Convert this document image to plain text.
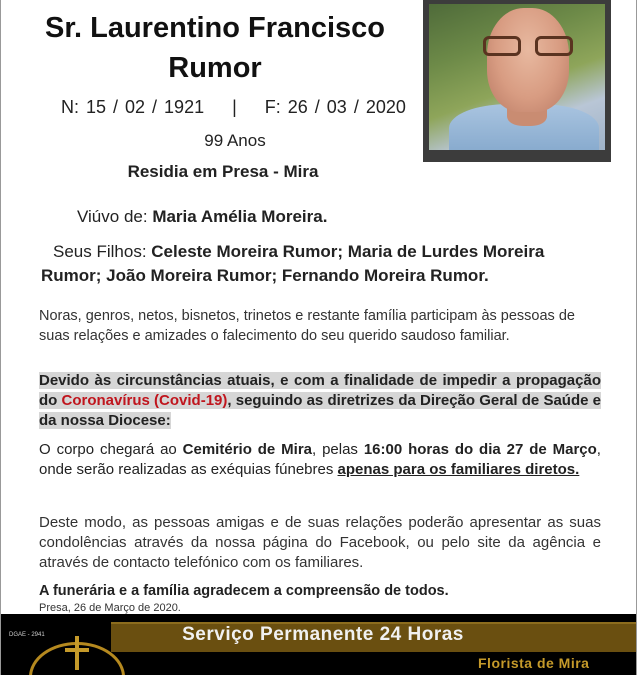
Sr. Laurentino Francisco
Rumor
N: 15 / 02 / 1921    |    F: 26 / 03 / 2020
99 Anos
Residia em Presa - Mira
Viúvo de: Maria Amélia Moreira.
Seus Filhos: Celeste Moreira Rumor; Maria de Lurdes Moreira
Rumor; João Moreira Rumor; Fernando Moreira Rumor.
Noras, genros, netos, bisnetos, trinetos e restante família participam às pessoas de suas relações e amizades o falecimento do seu querido saudoso familiar.
Devido às circunstâncias atuais, e com a finalidade de impedir a propagação do Coronavírus (Covid-19), seguindo as diretrizes da Direção Geral de Saúde e da nossa Diocese:
O corpo chegará ao Cemitério de Mira, pelas 16:00 horas do dia 27 de Março, onde serão realizadas as exéquias fúnebres apenas para os familiares diretos.
Deste modo, as pessoas amigas e de suas relações poderão apresentar as suas condolências através da nossa página do Facebook, ou pelo site da agência e através de contacto telefónico com os familiares.
A funerária e a família agradecem a compreensão de todos.
Presa, 26 de Março de 2020.
DGAE - 2941	Serviço Permanente 24 Horas
Florista de Mira
